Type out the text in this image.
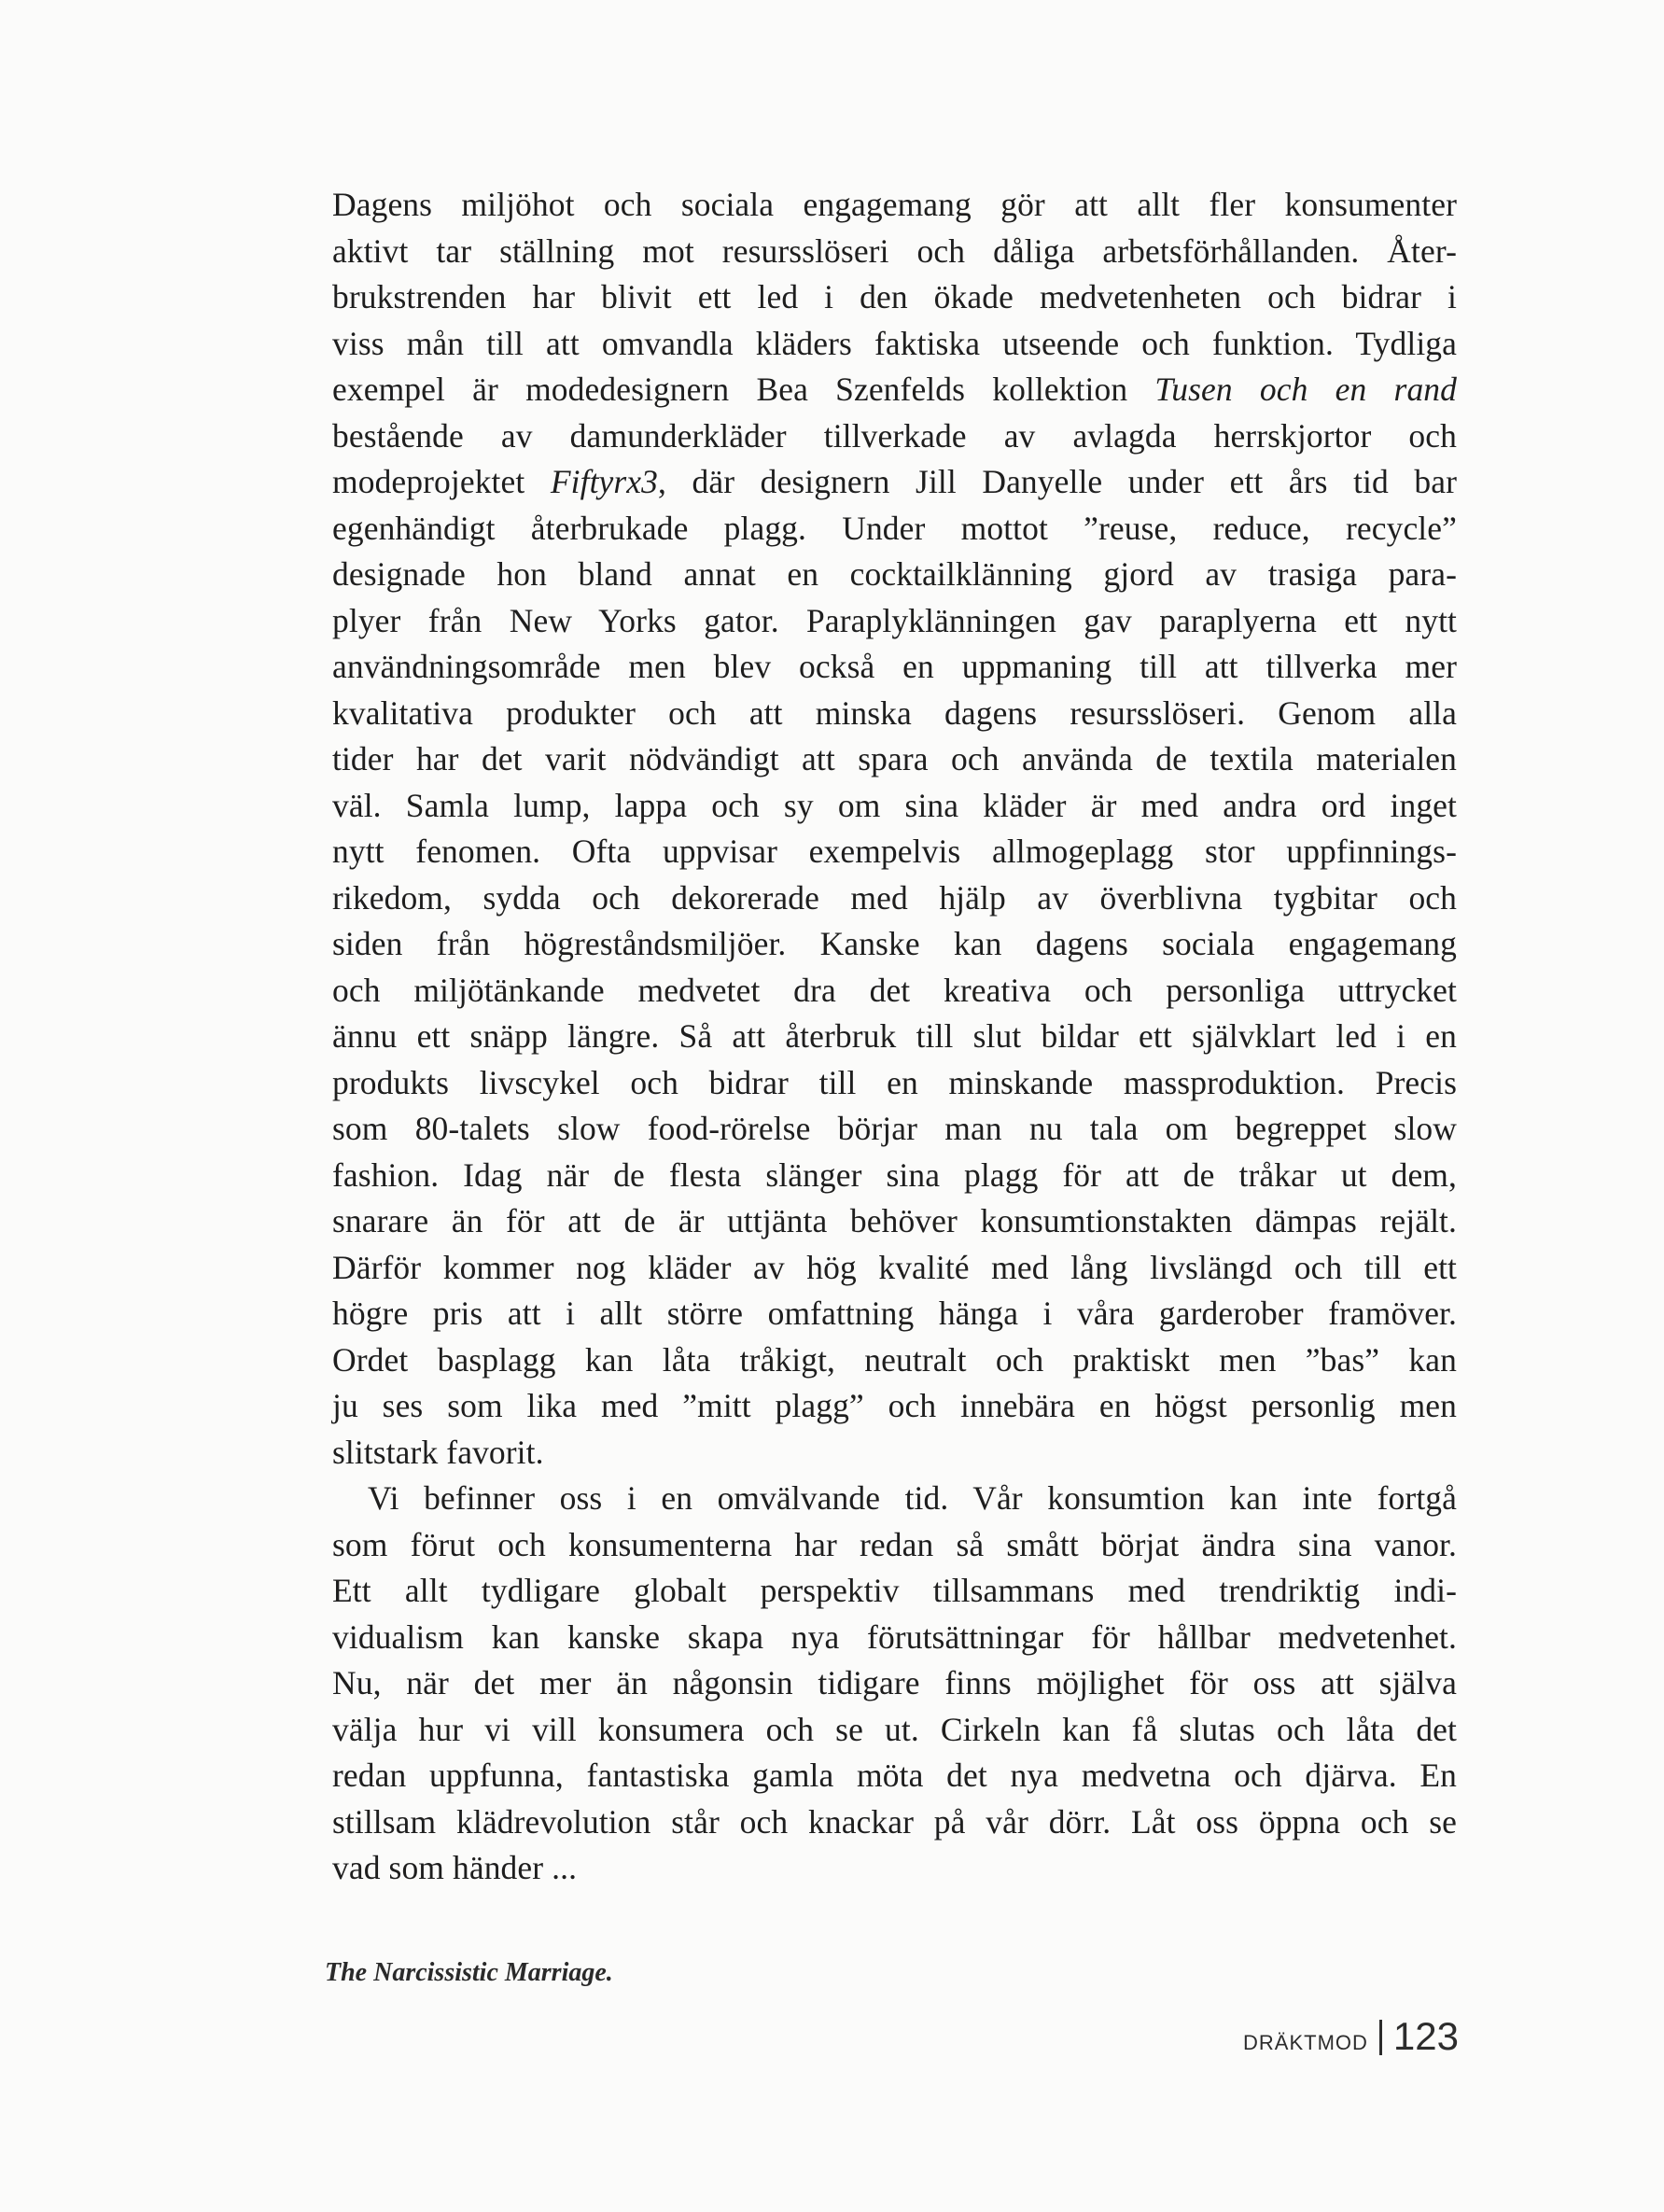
Dagens miljöhot och sociala engagemang gör att allt fler konsumenter
aktivt tar ställning mot resursslöseri och dåliga arbetsförhållanden. Åter-
brukstrenden har blivit ett led i den ökade medvetenheten och bidrar i
viss mån till att omvandla kläders faktiska utseende och funktion. Tydliga
exempel är modedesignern Bea Szenfelds kollektion Tusen och en rand
bestående av damunderkläder tillverkade av avlagda herrskjortor och
modeprojektet Fiftyrx3, där designern Jill Danyelle under ett års tid bar
egenhändigt återbrukade plagg. Under mottot ”reuse, reduce, recycle”
designade hon bland annat en cocktailklänning gjord av trasiga para-
plyer från New Yorks gator. Paraplyklänningen gav paraplyerna ett nytt
användningsområde men blev också en uppmaning till att tillverka mer
kvalitativa produkter och att minska dagens resursslöseri. Genom alla
tider har det varit nödvändigt att spara och använda de textila materialen
väl. Samla lump, lappa och sy om sina kläder är med andra ord inget
nytt fenomen. Ofta uppvisar exempelvis allmogeplagg stor uppfinnings-
rikedom, sydda och dekorerade med hjälp av överblivna tygbitar och
siden från högreståndsmiljöer. Kanske kan dagens sociala engagemang
och miljötänkande medvetet dra det kreativa och personliga uttrycket
ännu ett snäpp längre. Så att återbruk till slut bildar ett självklart led i en
produkts livscykel och bidrar till en minskande massproduktion. Precis
som 80-talets slow food-rörelse börjar man nu tala om begreppet slow
fashion. Idag när de flesta slänger sina plagg för att de tråkar ut dem,
snarare än för att de är uttjänta behöver konsumtionstakten dämpas rejält.
Därför kommer nog kläder av hög kvalité med lång livslängd och till ett
högre pris att i allt större omfattning hänga i våra garderober framöver.
Ordet basplagg kan låta tråkigt, neutralt och praktiskt men ”bas” kan
ju ses som lika med ”mitt plagg” och innebära en högst personlig men
slitstark favorit.
Vi befinner oss i en omvälvande tid. Vår konsumtion kan inte fortgå
som förut och konsumenterna har redan så smått börjat ändra sina vanor.
Ett allt tydligare globalt perspektiv tillsammans med trendriktig indi-
vidualism kan kanske skapa nya förutsättningar för hållbar medvetenhet.
Nu, när det mer än någonsin tidigare finns möjlighet för oss att själva
välja hur vi vill konsumera och se ut. Cirkeln kan få slutas och låta det
redan uppfunna, fantastiska gamla möta det nya medvetna och djärva. En
stillsam klädrevolution står och knackar på vår dörr. Låt oss öppna och se
vad som händer ...
The Narcissistic Marriage.
DRÄKTMOD 123
